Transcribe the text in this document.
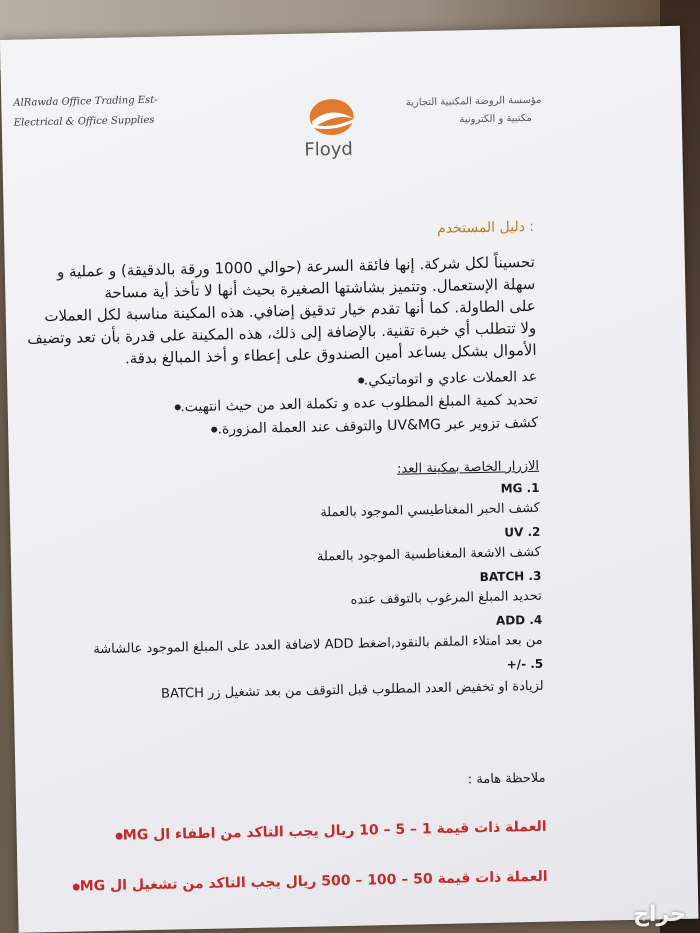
AlRawda Office Trading Est-
Electrical & Office Supplies
مؤسسة الروضة المكتبية التجارية
مكتبية و الكترونية
Floyd
: دليل المستخدم
تحسيناً لكل شركة. إنها فائقة السرعة (حوالي 1000 ورقة بالدقيقة) و عملية و
سهلة الإستعمال. وتتميز بشاشتها الصغيرة بحيث أنها لا تأخذ أية مساحة
على الطاولة. كما أنها تقدم خيار تدقيق إضافي. هذه المكينة مناسبة لكل العملات
ولا تتطلب أي خبرة تقنية. بالإضافة إلى ذلك، هذه المكينة على قدرة بأن تعد وتضيف
الأموال بشكل يساعد أمين الصندوق على إعطاء و أخذ المبالغ بدقة.
عد العملات عادي و اتوماتيكي.
تحديد كمية المبلغ المطلوب عده و تكملة العد من حيث انتهيت.
كشف تزوير عبر UV&MG والتوقف عند العملة المزورة.
الازرار الخاصة بمكينة العد:
MG .1
كشف الحبر المغناطيسي الموجود بالعملة
UV .2
كشف الاشعة المغناطسية الموجود بالعملة
BATCH .3
تحديد المبلغ المرغوب بالتوقف عنده
ADD .4
من بعد امتلاء الملقم بالنقود,اضغط ADD لاضافة العدد على المبلغ الموجود عالشاشة
5. -/+
لزيادة او تخفيض العدد المطلوب قبل التوقف من بعد تشغيل زر BATCH
ملاحظة هامة :
العملة ذات قيمة 1 – 5 – 10 ريال يجب التاكد من اطفاء ال MG
العملة ذات قيمة 50 – 100 – 500 ريال يجب التاكد من تشغيل ال MG
حراج
